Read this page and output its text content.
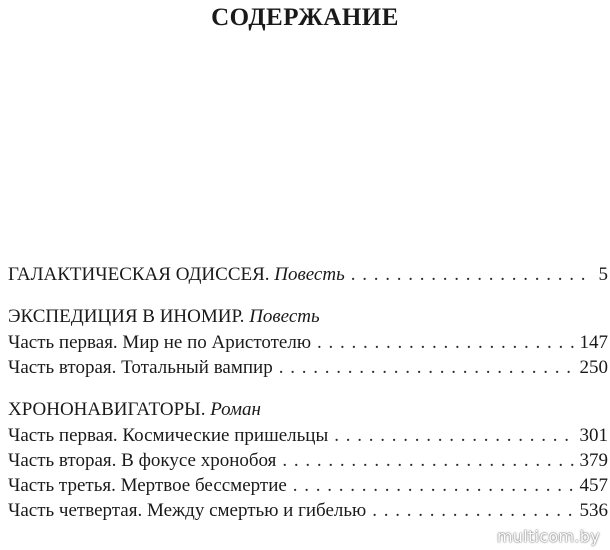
СОДЕРЖАНИЕ
ГАЛАКТИЧЕСКАЯ ОДИССЕЯ. Повесть . . .	5
ЭКСПЕДИЦИЯ В ИНОМИР. Повесть
Часть первая. Мир не по Аристотелю . . .	147
Часть вторая. Тотальный вампир . . .	250
ХРОНОНАВИГАТОРЫ. Роман
Часть первая. Космические пришельцы . . .	301
Часть вторая. В фокусе хронобоя . . .	379
Часть третья. Мертвое бессмертие . . .	457
Часть четвертая. Между смертью и гибелью . . .	536
multicom.by
